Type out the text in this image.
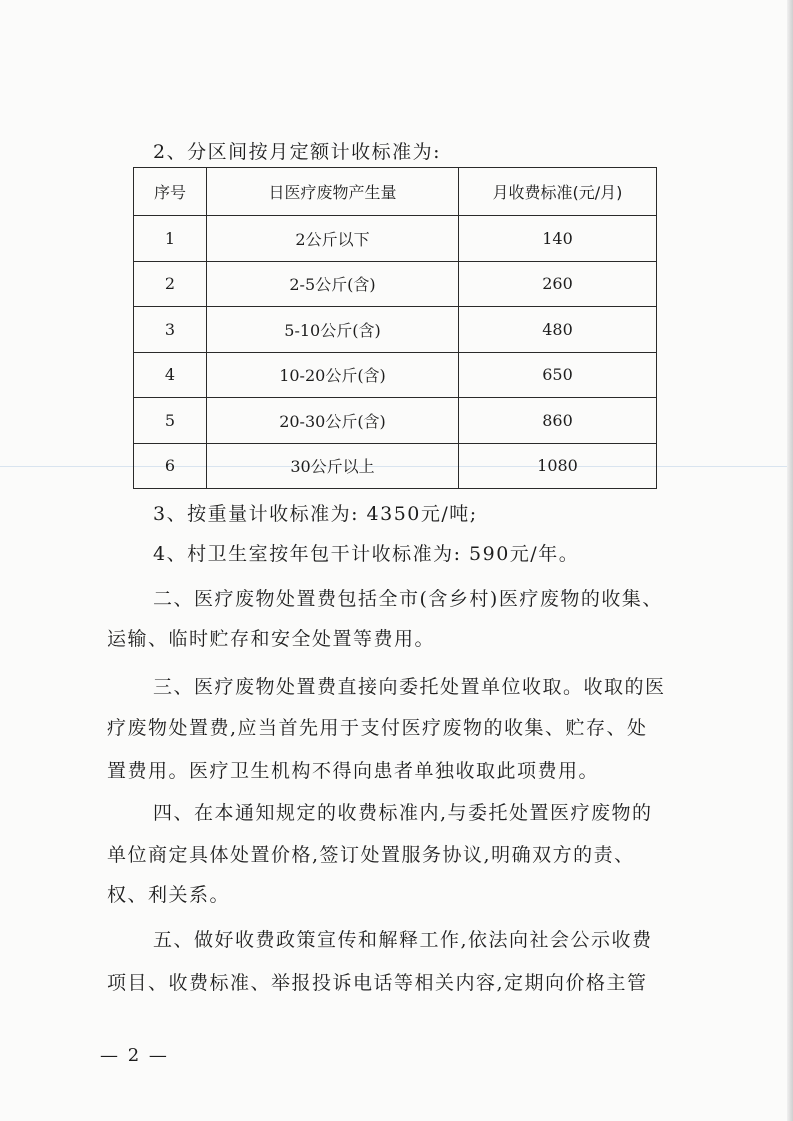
2、分区间按月定额计收标准为:

序号	日医疗废物产生量	月收费标准(元/月)
1	2公斤以下	140
2	2-5公斤(含)	260
3	5-10公斤(含)	480
4	10-20公斤(含)	650
5	20-30公斤(含)	860
6	30公斤以上	1080

3、按重量计收标准为: 4350元/吨;

4、村卫生室按年包干计收标准为: 590元/年。

二、医疗废物处置费包括全市(含乡村)医疗废物的收集、

运输、临时贮存和安全处置等费用。

三、医疗废物处置费直接向委托处置单位收取。收取的医

疗废物处置费,应当首先用于支付医疗废物的收集、贮存、处

置费用。医疗卫生机构不得向患者单独收取此项费用。

四、在本通知规定的收费标准内,与委托处置医疗废物的

单位商定具体处置价格,签订处置服务协议,明确双方的责、

权、利关系。

五、做好收费政策宣传和解释工作,依法向社会公示收费

项目、收费标准、举报投诉电话等相关内容,定期向价格主管

— 2 —
